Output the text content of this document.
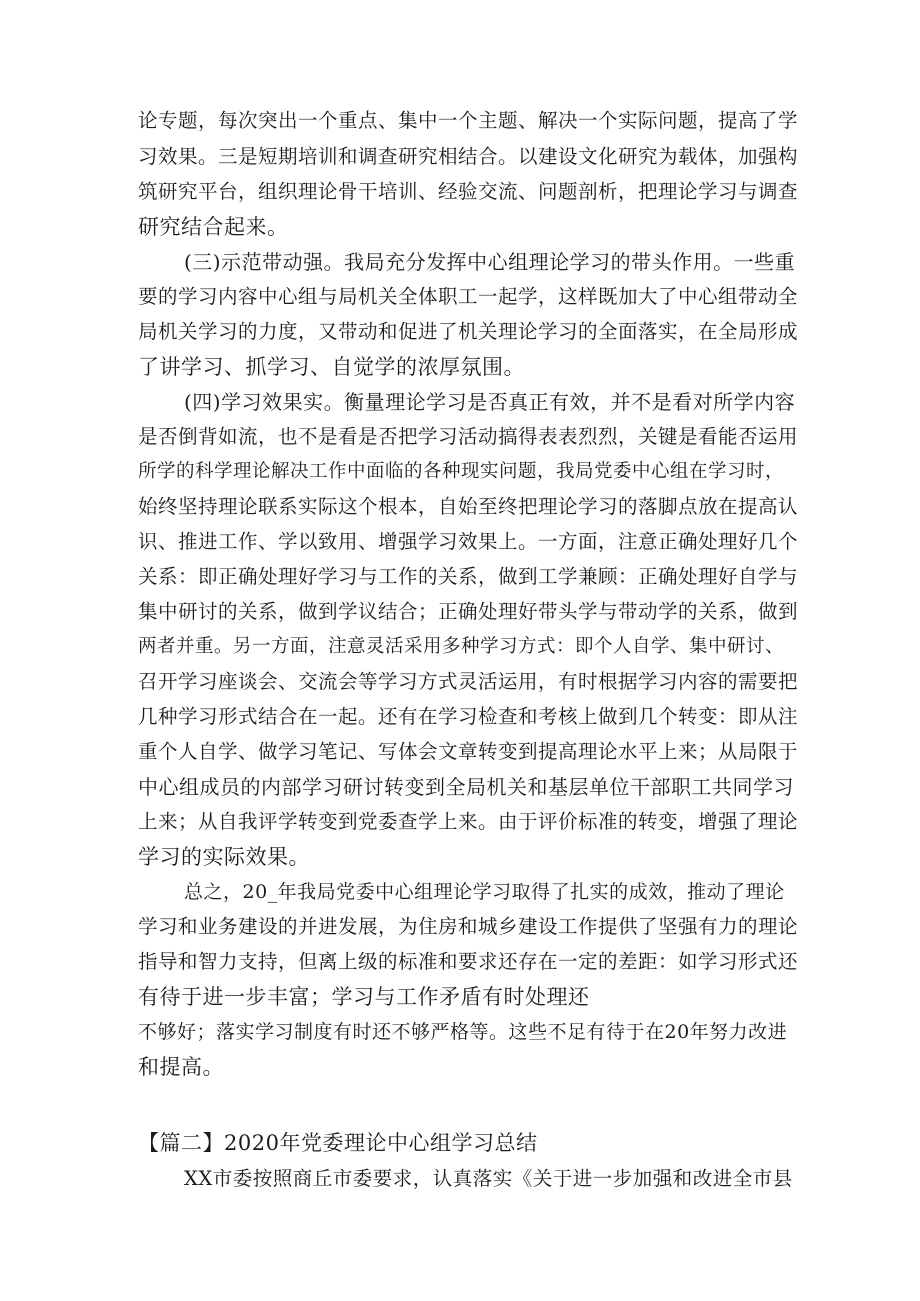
论专题，每次突出一个重点、集中一个主题、解决一个实际问题，提高了学
习效果。三是短期培训和调查研究相结合。以建设文化研究为载体，加强构
筑研究平台，组织理论骨干培训、经验交流、问题剖析，把理论学习与调查
研究结合起来。
(三)示范带动强。我局充分发挥中心组理论学习的带头作用。一些重
要的学习内容中心组与局机关全体职工一起学，这样既加大了中心组带动全
局机关学习的力度，又带动和促进了机关理论学习的全面落实，在全局形成
了讲学习、抓学习、自觉学的浓厚氛围。
(四)学习效果实。衡量理论学习是否真正有效，并不是看对所学内容
是否倒背如流，也不是看是否把学习活动搞得表表烈烈，关键是看能否运用
所学的科学理论解决工作中面临的各种现实问题，我局党委中心组在学习时，
始终坚持理论联系实际这个根本，自始至终把理论学习的落脚点放在提高认
识、推进工作、学以致用、增强学习效果上。一方面，注意正确处理好几个
关系：即正确处理好学习与工作的关系，做到工学兼顾：正确处理好自学与
集中研讨的关系，做到学议结合；正确处理好带头学与带动学的关系，做到
两者并重。另一方面，注意灵活采用多种学习方式：即个人自学、集中研讨、
召开学习座谈会、交流会等学习方式灵活运用，有时根据学习内容的需要把
几种学习形式结合在一起。还有在学习检查和考核上做到几个转变：即从注
重个人自学、做学习笔记、写体会文章转变到提高理论水平上来；从局限于
中心组成员的内部学习研讨转变到全局机关和基层单位干部职工共同学习
上来；从自我评学转变到党委查学上来。由于评价标准的转变，增强了理论
学习的实际效果。
总之，20_年我局党委中心组理论学习取得了扎实的成效，推动了理论
学习和业务建设的并进发展，为住房和城乡建设工作提供了坚强有力的理论
指导和智力支持，但离上级的标准和要求还存在一定的差距：如学习形式还
有待于进一步丰富；学习与工作矛盾有时处理还
不够好；落实学习制度有时还不够严格等。这些不足有待于在20年努力改进
和提高。
【篇二】2020年党委理论中心组学习总结
XX市委按照商丘市委要求，认真落实《关于进一步加强和改进全市县
